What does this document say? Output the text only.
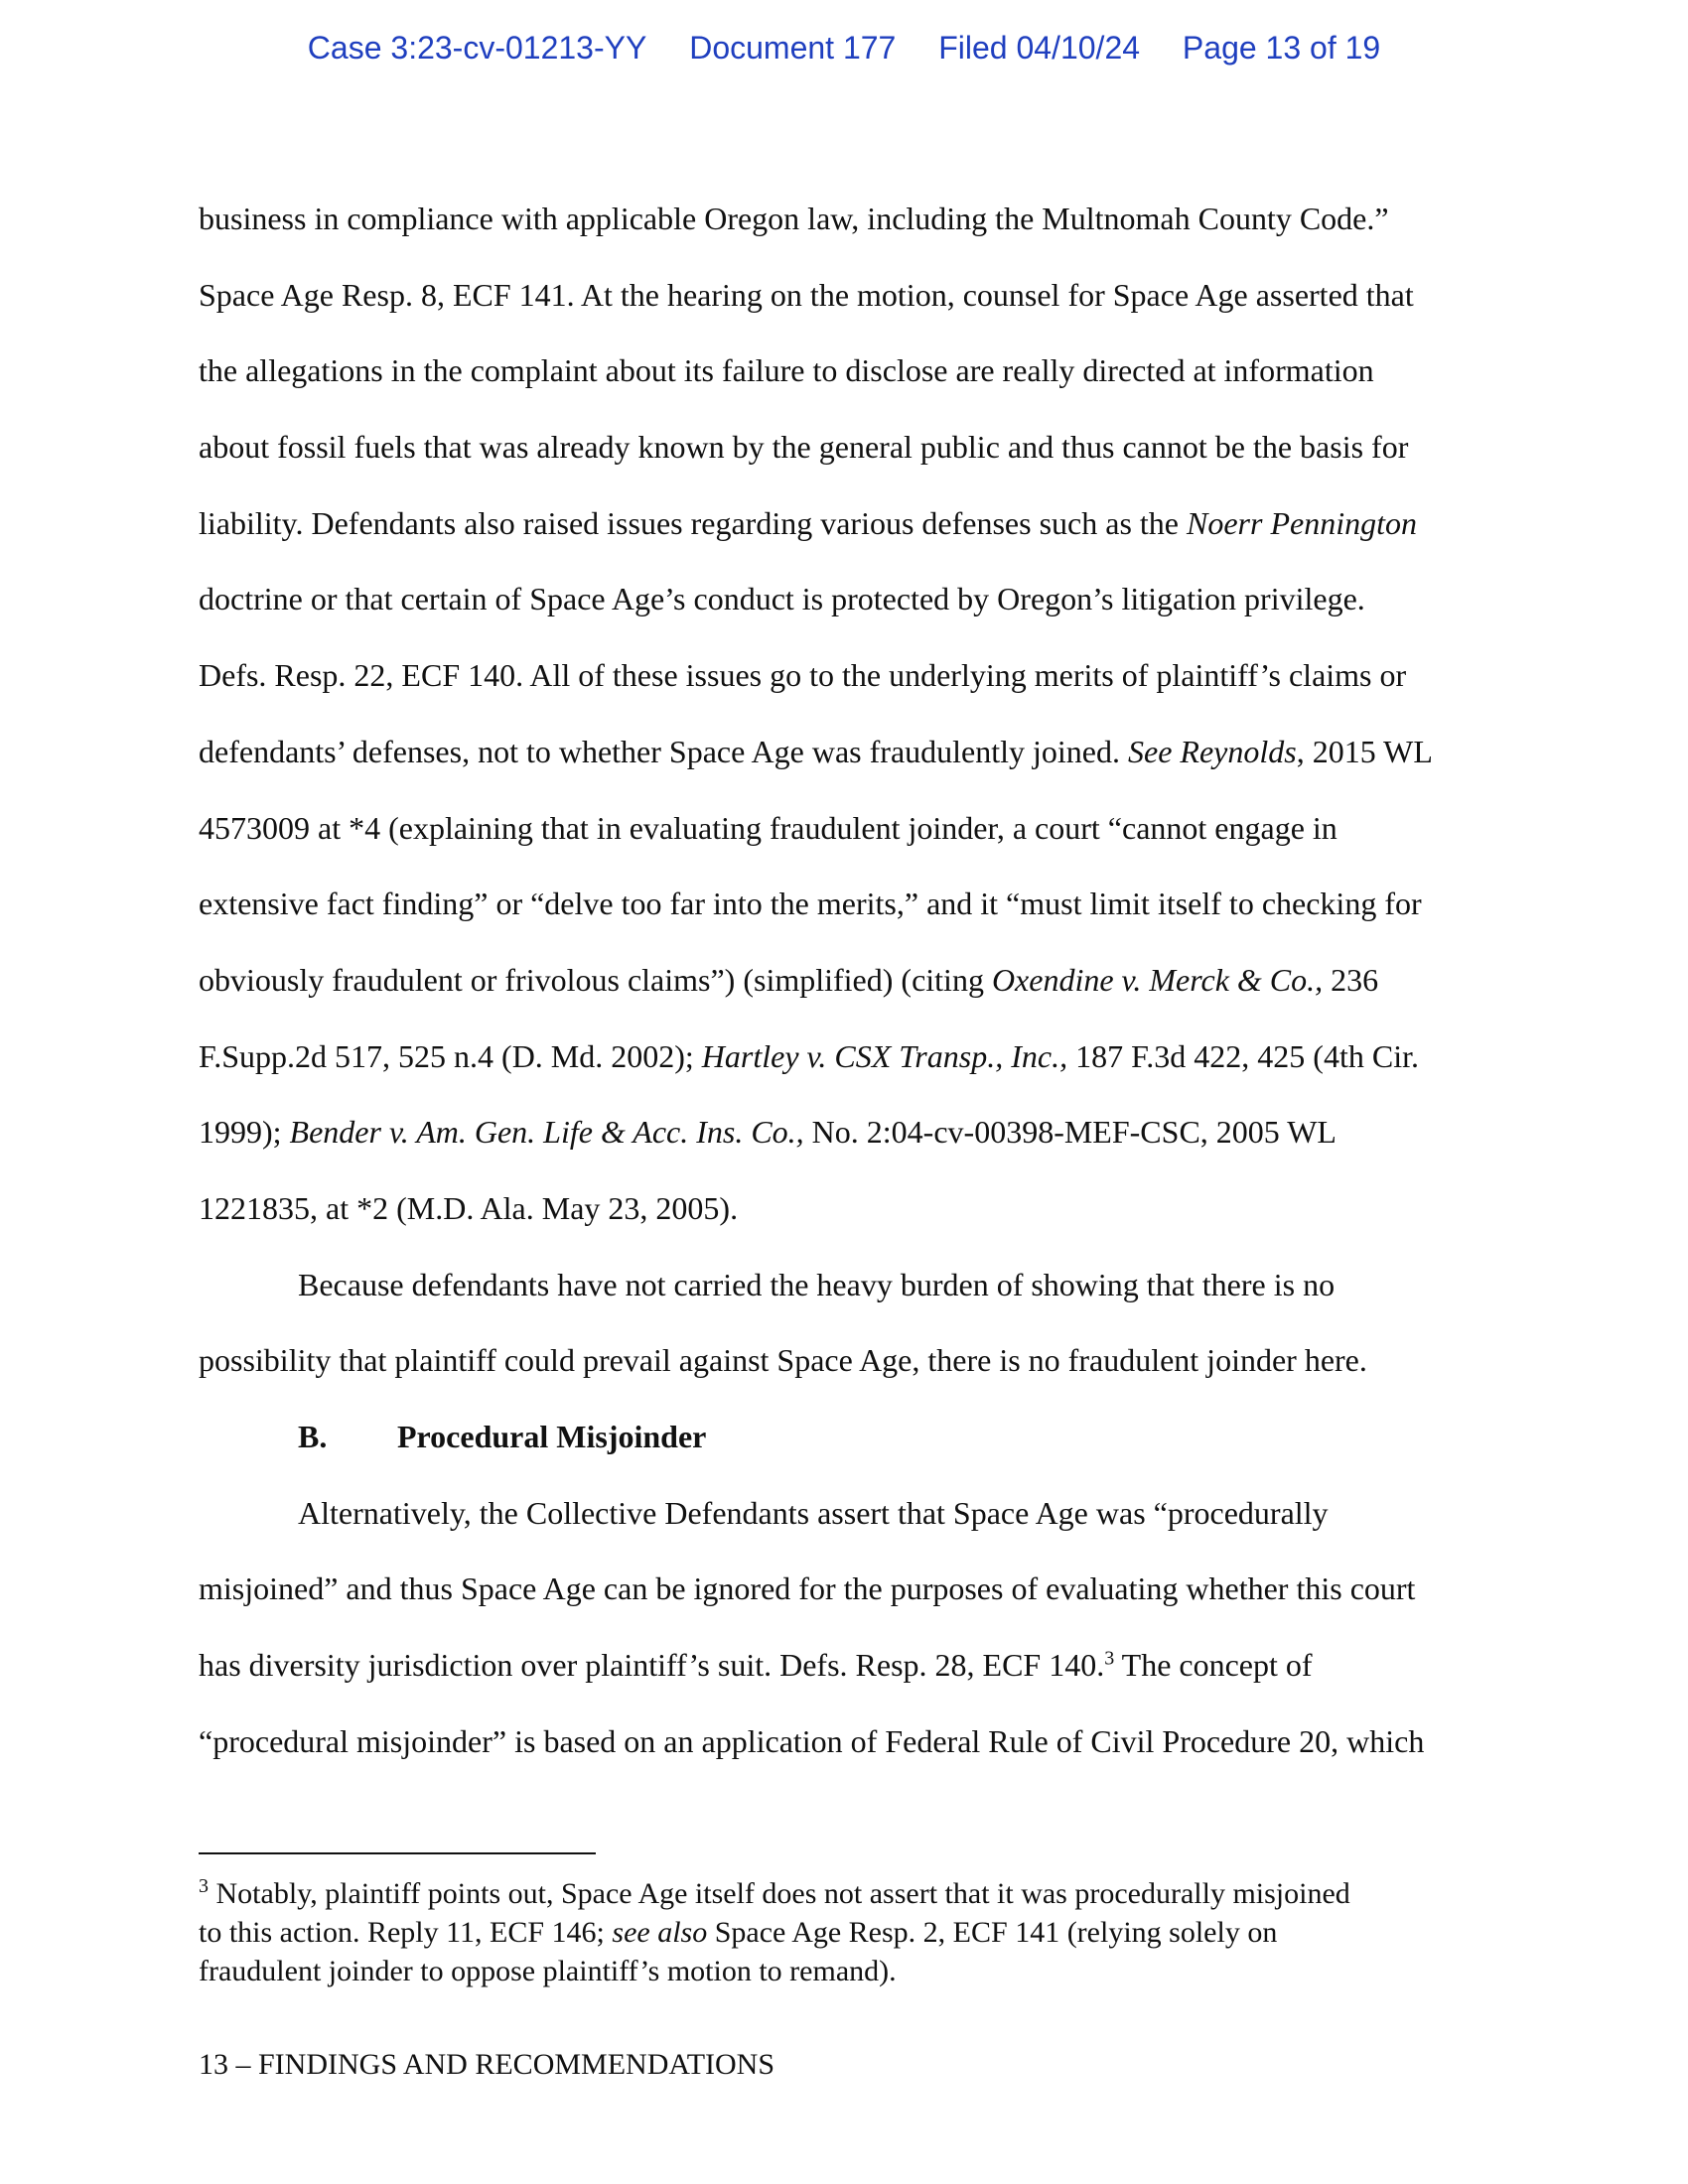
Case 3:23-cv-01213-YY Document 177 Filed 04/10/24 Page 13 of 19
business in compliance with applicable Oregon law, including the Multnomah County Code.”
Space Age Resp. 8, ECF 141. At the hearing on the motion, counsel for Space Age asserted that
the allegations in the complaint about its failure to disclose are really directed at information
about fossil fuels that was already known by the general public and thus cannot be the basis for
liability. Defendants also raised issues regarding various defenses such as the Noerr Pennington
doctrine or that certain of Space Age’s conduct is protected by Oregon’s litigation privilege.
Defs. Resp. 22, ECF 140. All of these issues go to the underlying merits of plaintiff’s claims or
defendants’ defenses, not to whether Space Age was fraudulently joined. See Reynolds, 2015 WL
4573009 at *4 (explaining that in evaluating fraudulent joinder, a court “cannot engage in
extensive fact finding” or “delve too far into the merits,” and it “must limit itself to checking for
obviously fraudulent or frivolous claims”) (simplified) (citing Oxendine v. Merck & Co., 236
F.Supp.2d 517, 525 n.4 (D. Md. 2002); Hartley v. CSX Transp., Inc., 187 F.3d 422, 425 (4th Cir.
1999); Bender v. Am. Gen. Life & Acc. Ins. Co., No. 2:04-cv-00398-MEF-CSC, 2005 WL
1221835, at *2 (M.D. Ala. May 23, 2005).
Because defendants have not carried the heavy burden of showing that there is no
possibility that plaintiff could prevail against Space Age, there is no fraudulent joinder here.
B. Procedural Misjoinder
Alternatively, the Collective Defendants assert that Space Age was “procedurally
misjoined” and thus Space Age can be ignored for the purposes of evaluating whether this court
has diversity jurisdiction over plaintiff’s suit. Defs. Resp. 28, ECF 140.$^3$ The concept of
“procedural misjoinder” is based on an application of Federal Rule of Civil Procedure 20, which
$^3$ Notably, plaintiff points out, Space Age itself does not assert that it was procedurally misjoined
to this action. Reply 11, ECF 146; see also Space Age Resp. 2, ECF 141 (relying solely on
fraudulent joinder to oppose plaintiff’s motion to remand).
13 – FINDINGS AND RECOMMENDATIONS
